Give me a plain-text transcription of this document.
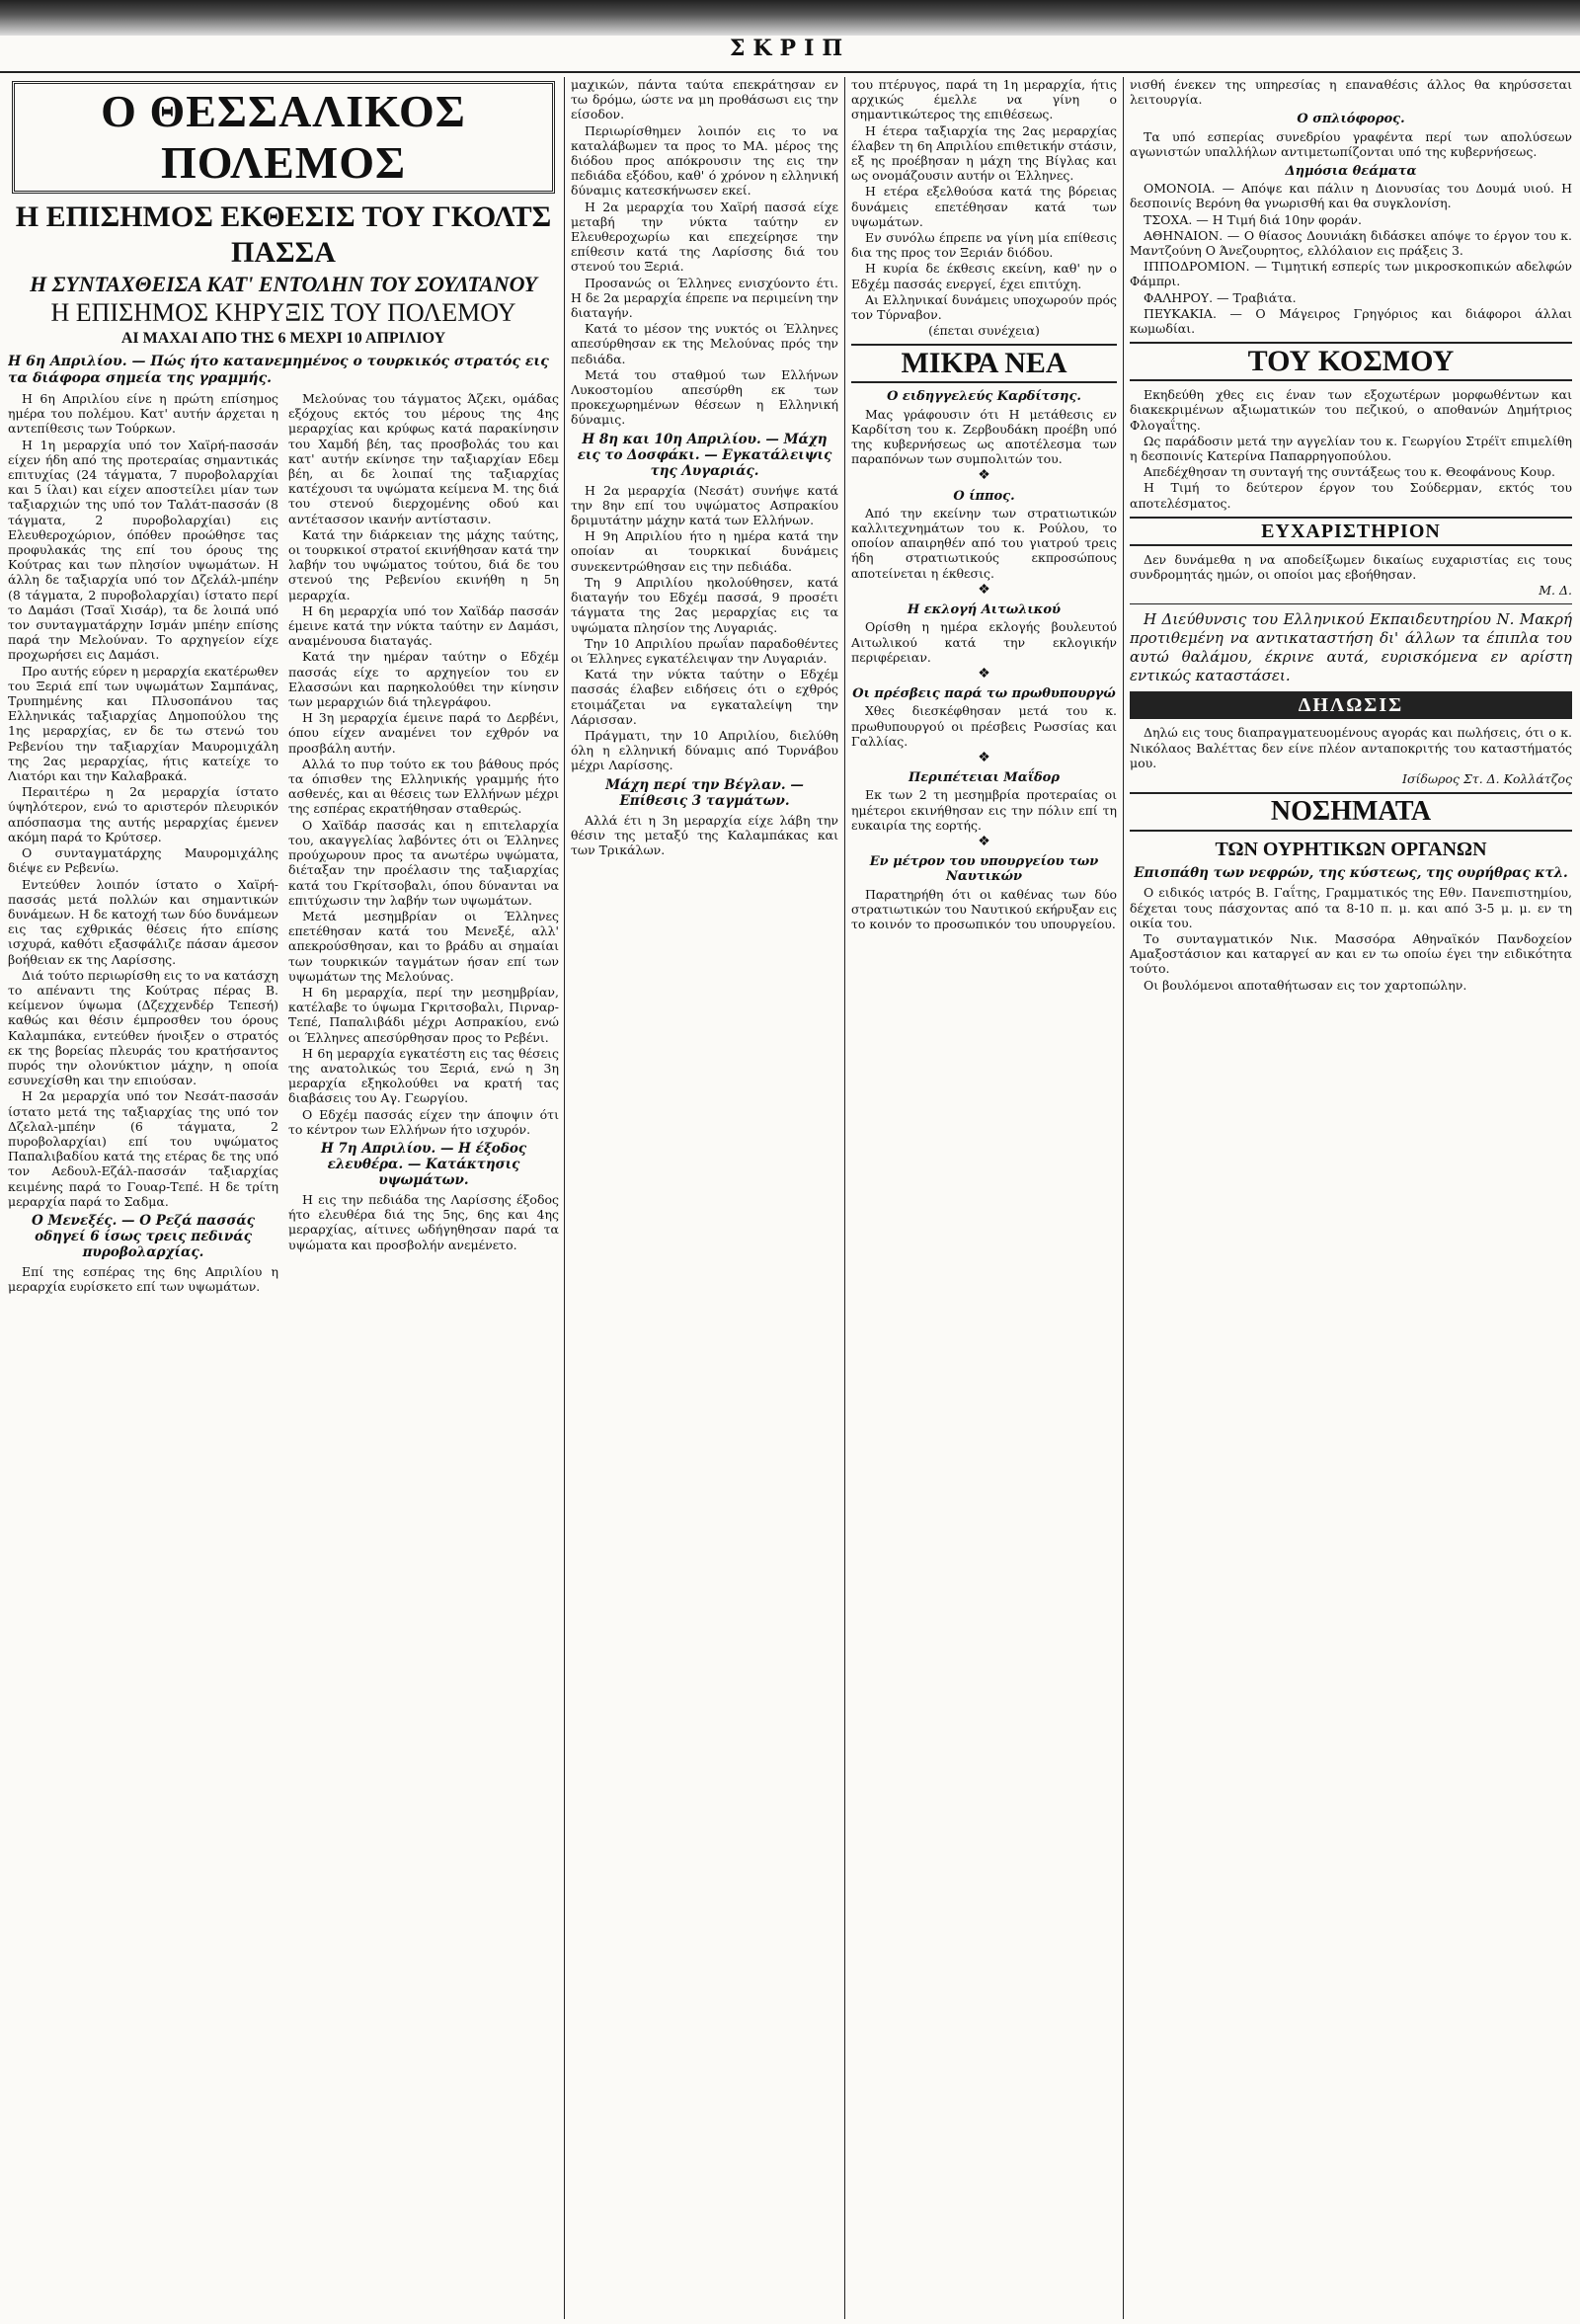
ΣΚΡΙΠ
Ο ΘΕΣΣΑΛΙΚΟΣ ΠΟΛΕΜΟΣ
Η ΕΠΙΣΗΜΟΣ ΕΚΘΕΣΙΣ ΤΟΥ ΓΚΟΛΤΣ ΠΑΣΣΑ
Η ΣΥΝΤΑΧΘΕΙΣΑ ΚΑΤ' ΕΝΤΟΛΗΝ ΤΟΥ ΣΟΥΛΤΑΝΟΥ
Η ΕΠΙΣΗΜΟΣ ΚΗΡΥΞΙΣ ΤΟΥ ΠΟΛΕΜΟΥ
ΑΙ ΜΑΧΑΙ ΑΠΟ ΤΗΣ 6 ΜΕΧΡΙ 10 ΑΠΡΙΛΙΟΥ
Η 6η Απριλίου. — Πώς ήτο κατανεμημένος ο τουρκικός στρατός εις τα διάφορα σημεία της γραμμής.

Η 6η Απριλίου είνε η πρώτη επίσημος ημέρα του πολέμου. Κατ' αυτήν άρχεται η αντεπίθεσις των Τούρκων.

Η 1η μεραρχία υπό τον Χαϊρή-πασσάν είχεν ήδη από της προτεραίας σημαντικάς επιτυχίας (24 τάγματα, 7 πυροβολαρχίαι και 5 ίλαι) και είχεν αποστείλει μίαν των ταξιαρχιών της υπό τον Ταλάτ-πασσάν (8 τάγματα, 2 πυροβολαρχίαι) εις Ελευθεροχώριον, όπόθεν προώθησε τας προφυλακάς της επί του όρους της Κούτρας και των πλησίον υψωμάτων. Η άλλη δε ταξιαρχία υπό τον Δζελάλ-μπέην (8 τάγματα, 2 πυροβολαρχίαι) ίστατο περί το Δαμάσι (Τσαϊ Χισάρ), τα δε λοιπά υπό τον συνταγματάρχην Ισμάν μπέην επίσης παρά την Μελούναν. Το αρχηγείον είχε προχωρήσει εις Δαμάσι.

Προ αυτής εύρεν η μεραρχία εκατέρωθεν του Ξεριά επί των υψωμάτων Σαμπάνας, Τρυπημένης και Πλυσοπάνου τας Ελληνικάς ταξιαρχίας Δημοπούλου της 1ης μεραρχίας, εν δε τω στενώ του Ρεβενίου την ταξιαρχίαν Μαυρομιχάλη της 2ας μεραρχίας, ήτις κατείχε το Λιατόρι και την Καλαβρακά.

Περαιτέρω η 2α μεραρχία ίστατο ύψηλότερον, ενώ το αριστερόν πλευρικόν απόσπασμα της αυτής μεραρχίας έμενεν ακόμη παρά το Κρύτσερ.

Ο συνταγματάρχης Μαυρομιχάλης διέψε εν Ρεβενίω.

Εντεύθεν λοιπόν ίστατο ο Χαϊρή-πασσάς μετά πολλών και σημαντικών δυνάμεων. Η δε κατοχή των δύο δυνάμεων εις τας εχθρικάς θέσεις ήτο επίσης ισχυρά, καθότι εξασφάλιζε πάσαν άμεσον βοήθειαν εκ της Λαρίσσης.

Διά τούτο περιωρίσθη εις το να κατάσχη το απέναντι της Κούτρας πέρας Β. κείμενον ύψωμα (Δζεχχενδέρ Τεπεσή) καθώς και θέσιν έμπροσθεν του όρους Καλαμπάκα, εντεύθεν ήνοιξεν ο στρατός εκ της βορείας πλευράς του κρατήσαντος πυρός την ολονύκτιον μάχην, η οποία εσυνεχίσθη και την επιούσαν.

Η 2α μεραρχία υπό τον Νεσάτ-πασσάν ίστατο μετά της ταξιαρχίας της υπό τον Δζελαλ-μπέην (6 τάγματα, 2 πυροβολαρχίαι) επί του υψώματος Παπαλιβαδίου κατά της ετέρας δε της υπό τον Αεδουλ-Εζάλ-πασσάν ταξιαρχίας κειμένης παρά το Γουαρ-Τεπέ. Η δε τρίτη μεραρχία παρά το Σαδμα.

Ο Μενεξές. — Ο Ρεζά πασσάς οδηγεί 6 ίσως τρεις πεδινάς πυροβολαρχίας.

Επί της εσπέρας της 6ης Απριλίου η μεραρχία ευρίσκετο επί των υψωμάτων.

Μελούνας του τάγματος Άζεκι, ομάδας εξόχους εκτός του μέρους της 4ης μεραρχίας και κρύφως κατά παρακίνησιν του Χαμδή βέη, τας προσβολάς του και κατ' αυτήν εκίνησε την ταξιαρχίαν Εδεμ βέη, αι δε λοιπαί της ταξιαρχίας κατέχουσι τα υψώματα κείμενα Μ. της διά του στενού διερχομένης οδού και αντέτασσον ικανήν αντίστασιν.

Κατά την διάρκειαν της μάχης ταύτης, οι τουρκικοί στρατοί εκινήθησαν κατά την λαβήν του υψώματος τούτου, διά δε του στενού της Ρεβενίου εκινήθη η 5η μεραρχία.

Η 6η μεραρχία υπό τον Χαϊδάρ πασσάν έμεινε κατά την νύκτα ταύτην εν Δαμάσι, αναμένουσα διαταγάς.

Κατά την ημέραν ταύτην ο Εδχέμ πασσάς είχε το αρχηγείον του εν Ελασσώνι και παρηκολούθει την κίνησιν των μεραρχιών διά τηλεγράφου.

Η 3η μεραρχία έμεινε παρά το Δερβένι, όπου είχεν αναμένει τον εχθρόν να προσβάλη αυτήν.

Αλλά το πυρ τούτο εκ του βάθους πρός τα όπισθεν της Ελληνικής γραμμής ήτο ασθενές, και αι θέσεις των Ελλήνων μέχρι της εσπέρας εκρατήθησαν σταθερώς.

Ο Χαϊδάρ πασσάς και η επιτελαρχία του, ακαγγελίας λαβόντες ότι οι Έλληνες προύχωρουν προς τα ανωτέρω υψώματα, διέταξαν την προέλασιν της ταξιαρχίας κατά του Γκρίτσοβαλι, όπου δύνανται να επιτύχωσιν την λαβήν των υψωμάτων.

Μετά μεσημβρίαν οι Έλληνες επετέθησαν κατά του Μενεξέ, αλλ' απεκρούσθησαν, και το βράδυ αι σημαίαι των τουρκικών ταγμάτων ήσαν επί των υψωμάτων της Μελούνας.

Η 6η μεραρχία, περί την μεσημβρίαν, κατέλαβε το ύψωμα Γκριτσοβαλι, Πιρναρ-Τεπέ, Παπαλιβάδι μέχρι Ασπρακίου, ενώ οι Έλληνες απεσύρθησαν προς το Ρεβένι.

Η 6η μεραρχία εγκατέστη εις τας θέσεις της ανατολικώς του Ξεριά, ενώ η 3η μεραρχία εξηκολούθει να κρατή τας διαβάσεις του Αγ. Γεωργίου.

Ο Εδχέμ πασσάς είχεν την άποψιν ότι το κέντρον των Ελλήνων ήτο ισχυρόν.

Η 7η Απριλίου. — Η έξοδος ελευθέρα. — Κατάκτησις υψωμάτων.

Η εις την πεδιάδα της Λαρίσσης έξοδος ήτο ελευθέρα διά της 5ης, 6ης και 4ης μεραρχίας, αίτινες ωδήγηθησαν παρά τα υψώματα και προσβολήν ανεμένετο.

μαχικών, πάντα ταύτα επεκράτησαν εν τω δρόμω, ώστε να μη προθάσωσι εις την είσοδον.

Περιωρίσθημεν λοιπόν εις το να καταλάβωμεν τα προς το ΜΑ. μέρος της διόδου προς απόκρουσιν της εις την πεδιάδα εξόδου, καθ' ό χρόνον η ελληνική δύναμις κατεσκήνωσεν εκεί.

Η 2α μεραρχία του Χαϊρή πασσά είχε μεταβή την νύκτα ταύτην εν Ελευθεροχωρίω και επεχείρησε την επίθεσιν κατά της Λαρίσσης διά του στενού του Ξεριά.

Προσανώς οι Έλληνες ενισχύοντο έτι. Η δε 2α μεραρχία έπρεπε να περιμείνη την διαταγήν.

Κατά το μέσον της νυκτός οι Έλληνες απεσύρθησαν εκ της Μελούνας πρός την πεδιάδα.

Μετά του σταθμού των Ελλήνων Λυκοστομίου απεσύρθη εκ των προκεχωρημένων θέσεων η Ελληνική δύναμις.

Η 8η και 10η Απριλίου. — Μάχη εις το Δοσφάκι. — Εγκατάλειψις της Λυγαριάς.

Η 2α μεραρχία (Νεσάτ) συνήψε κατά την 8ην επί του υψώματος Ασπρακίου δριμυτάτην μάχην κατά των Ελλήνων.

Η 9η Απριλίου ήτο η ημέρα κατά την οποίαν αι τουρκικαί δυνάμεις συνεκεντρώθησαν εις την πεδιάδα.

Τη 9 Απριλίου ηκολούθησεν, κατά διαταγήν του Εδχέμ πασσά, 9 προσέτι τάγματα της 2ας μεραρχίας εις τα υψώματα πλησίον της Λυγαριάς.

Την 10 Απριλίου πρωΐαν παραδοθέντες οι Έλληνες εγκατέλειψαν την Λυγαριάν.

Κατά την νύκτα ταύτην ο Εδχέμ πασσάς έλαβεν ειδήσεις ότι ο εχθρός ετοιμάζεται να εγκαταλείψη την Λάρισσαν.

Πράγματι, την 10 Απριλίου, διελύθη όλη η ελληνική δύναμις από Τυρνάβου μέχρι Λαρίσσης.

Μάχη περί την Βέγλαν. — Επίθεσις 3 ταγμάτων.

Αλλά έτι η 3η μεραρχία είχε λάβη την θέσιν της μεταξύ της Καλαμπάκας και των Τρικάλων.

του πτέρυγος, παρά τη 1η μεραρχία, ήτις αρχικώς έμελλε να γίνη ο σημαντικώτερος της επιθέσεως.

Η έτερα ταξιαρχία της 2ας μεραρχίας έλαβεν τη 6η Απριλίου επιθετικήν στάσιν, εξ ης προέβησαν η μάχη της Βίγλας και ως ονομάζουσιν αυτήν οι Έλληνες.

Η ετέρα εξελθούσα κατά της βόρειας δυνάμεις επετέθησαν κατά των υψωμάτων.

Εν συνόλω έπρεπε να γίνη μία επίθεσις δια της προς τον Ξεριάν διόδου.

Η κυρία δε έκθεσις εκείνη, καθ' ην ο Εδχέμ πασσάς ενεργεί, έχει επιτύχη.

Αι Ελληνικαί δυνάμεις υποχωρούν πρός τον Τύρναβον.

(έπεται συνέχεια)
ΜΙΚΡΑ ΝΕΑ
Ο ειδηγγελεύς Καρδίτσης.

Μας γράφουσιν ότι Η μετάθεσις εν Καρδίτση του κ. Ζερβουδάκη προέβη υπό της κυβερνήσεως ως αποτέλεσμα των παραπόνων των συμπολιτών του.

❖
Ο ίππος.

Από την εκείνην των στρατιωτικών καλλιτεχνημάτων του κ. Ρούλου, το οποίον απαιρηθέν από του γιατρού τρεις ήδη στρατιωτικούς εκπροσώπους αποτείνεται η έκθεσις.

❖
Η εκλογή Αιτωλικού

Ορίσθη η ημέρα εκλογής βουλευτού Αιτωλικού κατά την εκλογικήν περιφέρειαν.

❖
Οι πρέσβεις παρά τω πρωθυπουργώ

Χθες διεσκέφθησαν μετά του κ. πρωθυπουργού οι πρέσβεις Ρωσσίας και Γαλλίας.

❖
Περιπέτειαι Μαΐδορ

Εκ των 2 τη μεσημβρία προτεραίας οι ημέτεροι εκινήθησαν εις την πόλιν επί τη ευκαιρία της εορτής.

❖
Εν μέτρον του υπουργείου των Ναυτικών

Παρατηρήθη ότι οι καθένας των δύο στρατιωτικών του Ναυτικού εκήρυξαν εις το κοινόν το προσωπικόν του υπουργείου.

νισθή ένεκεν της υπηρεσίας η επαναθέσις άλλος θα κηρύσσεται λειτουργία.

Ο σπλιόφορος.

Τα υπό εσπερίας συνεδρίου γραφέντα περί των απολύσεων αγωνιστών υπαλλήλων αντιμετωπίζονται υπό της κυβερνήσεως.

Δημόσια θεάματα

ΟΜΟΝΟΙΑ. — Απόψε και πάλιν η Διονυσίας του Δουμά υιού. Η δεσποινίς Βερόνη θα γνωρισθή και θα συγκλονίση.

ΤΣΟΧΑ. — Η Τιμή διά 10ην φοράν.

ΑΘΗΝΑΙΟΝ. — Ο θίασος Δουνιάκη διδάσκει απόψε το έργον του κ. Μαντζούνη Ο Άνεζουρητος, ελλόλαιον εις πράξεις 3.

ΙΠΠΟΔΡΟΜΙΟΝ. — Τιμητική εσπερίς των μικροσκοπικών αδελφών Φάμπρι.

ΦΑΛΗΡΟΥ. — Τραβιάτα.

ΠΕΥΚΑΚΙΑ. — Ο Μάγειρος Γρηγόριος και διάφοροι άλλαι κωμωδίαι.

ΤΟΥ ΚΟΣΜΟΥ

Εκηδεύθη χθες εις έναν των εξοχωτέρων μορφωθέντων και διακεκριμένων αξιωματικών του πεζικού, ο αποθανών Δημήτριος Φλογαΐτης.

Ως παράδοσιν μετά την αγγελίαν του κ. Γεωργίου Στρέϊτ επιμελίθη η δεσποινίς Κατερίνα Παπαρρηγοπούλου.

Απεδέχθησαν τη συνταγή της συντάξεως του κ. Θεοφάνους Κουρ.

Η Τιμή το δεύτερον έργον του Σούδερμαν, εκτός του αποτελέσματος.

ΕΥΧΑΡΙΣΤΗΡΙΟΝ

Δεν δυνάμεθα η να αποδείξωμεν δικαίως ευχαριστίας εις τους συνδρομητάς ημών, οι οποίοι μας εβοήθησαν.

Μ. Δ.

Η Διεύθυνσις του Ελληνικού Εκπαιδευτηρίου Ν. Μακρή προτιθεμένη να αντικαταστήση δι' άλλων τα έπιπλα του αυτώ θαλάμου, έκρινε αυτά, ευρισκόμενα εν αρίστη εντικώς καταστάσει.

ΔΗΛΩΣΙΣ

Δηλώ εις τους διαπραγματευομένους αγοράς και πωλήσεις, ότι ο κ. Νικόλαος Βαλέττας δεν είνε πλέον ανταποκριτής του καταστήματός μου.

Ισίδωρος Στ. Δ. Κολλάτζος
ΝΟΣΗΜΑΤΑ
ΤΩΝ ΟΥΡΗΤΙΚΩΝ ΟΡΓΑΝΩΝ
Επισπάθη των νεφρών, της κύστεως, της ουρήθρας κτλ.

Ο ειδικός ιατρός Β. Γαΐτης, Γραμματικός της Εθν. Πανεπιστημίου, δέχεται τους πάσχοντας από τα 8-10 π. μ. και από 3-5 μ. μ. εν τη οικία του.

Το συνταγματικόν Νικ. Μασσόρα Αθηναϊκόν Πανδοχείον Αμαξοστάσιον και καταργεί αν και εν τω οποίω έγει την ειδικότητα τούτο.

Οι βουλόμενοι αποταθήτωσαν εις τον χαρτοπώλην.
